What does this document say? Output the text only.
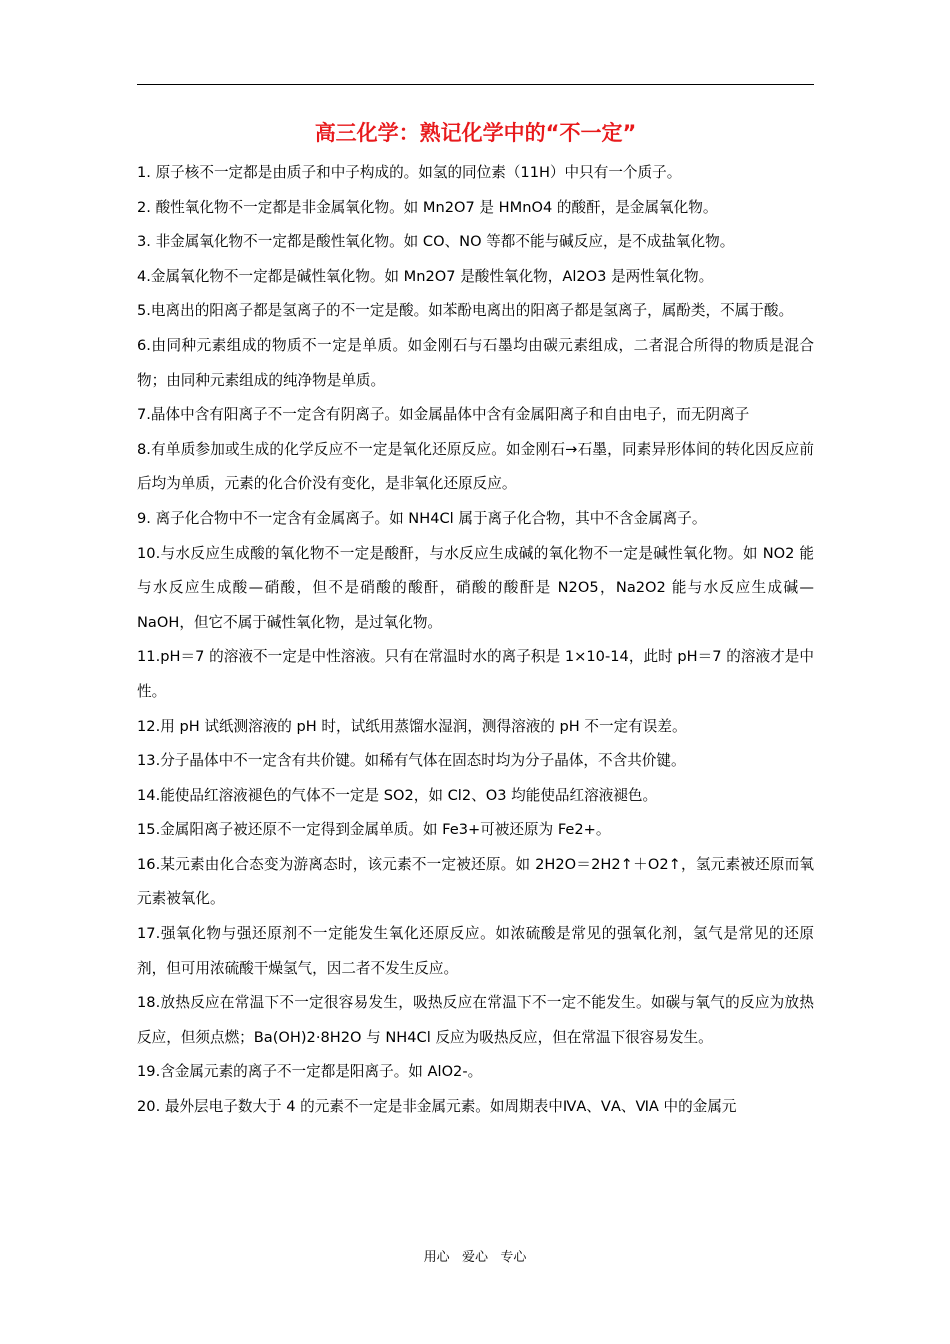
高三化学：熟记化学中的“不一定”

1. 原子核不一定都是由质子和中子构成的。如氢的同位素（11H）中只有一个质子。

2. 酸性氧化物不一定都是非金属氧化物。如 Mn2O7 是 HMnO4 的酸酐，是金属氧化物。

3. 非金属氧化物不一定都是酸性氧化物。如 CO、NO 等都不能与碱反应，是不成盐氧化物。

4.金属氧化物不一定都是碱性氧化物。如 Mn2O7 是酸性氧化物，Al2O3 是两性氧化物。

5.电离出的阳离子都是氢离子的不一定是酸。如苯酚电离出的阳离子都是氢离子，属酚类，不属于酸。

6.由同种元素组成的物质不一定是单质。如金刚石与石墨均由碳元素组成，二者混合所得的物质是混合物；由同种元素组成的纯净物是单质。

7.晶体中含有阳离子不一定含有阴离子。如金属晶体中含有金属阳离子和自由电子，而无阴离子

8.有单质参加或生成的化学反应不一定是氧化还原反应。如金刚石→石墨，同素异形体间的转化因反应前后均为单质，元素的化合价没有变化，是非氧化还原反应。

9. 离子化合物中不一定含有金属离子。如 NH4Cl 属于离子化合物，其中不含金属离子。

10.与水反应生成酸的氧化物不一定是酸酐，与水反应生成碱的氧化物不一定是碱性氧化物。如 NO2 能与水反应生成酸—硝酸，但不是硝酸的酸酐，硝酸的酸酐是 N2O5，Na2O2 能与水反应生成碱—NaOH，但它不属于碱性氧化物，是过氧化物。

11.pH＝7 的溶液不一定是中性溶液。只有在常温时水的离子积是 1×10-14，此时 pH＝7 的溶液才是中性。

12.用 pH 试纸测溶液的 pH 时，试纸用蒸馏水湿润，测得溶液的 pH 不一定有误差。

13.分子晶体中不一定含有共价键。如稀有气体在固态时均为分子晶体，不含共价键。

14.能使品红溶液褪色的气体不一定是 SO2，如 Cl2、O3 均能使品红溶液褪色。

15.金属阳离子被还原不一定得到金属单质。如 Fe3+可被还原为 Fe2+。

16.某元素由化合态变为游离态时，该元素不一定被还原。如 2H2O＝2H2↑＋O2↑，氢元素被还原而氧元素被氧化。

17.强氧化物与强还原剂不一定能发生氧化还原反应。如浓硫酸是常见的强氧化剂，氢气是常见的还原剂，但可用浓硫酸干燥氢气，因二者不发生反应。

18.放热反应在常温下不一定很容易发生，吸热反应在常温下不一定不能发生。如碳与氧气的反应为放热反应，但须点燃；Ba(OH)2·8H2O 与 NH4Cl 反应为吸热反应，但在常温下很容易发生。

19.含金属元素的离子不一定都是阳离子。如 AlO2-。

20. 最外层电子数大于 4 的元素不一定是非金属元素。如周期表中ⅣA、ⅤA、ⅥA 中的金属元

用心   爱心   专心
